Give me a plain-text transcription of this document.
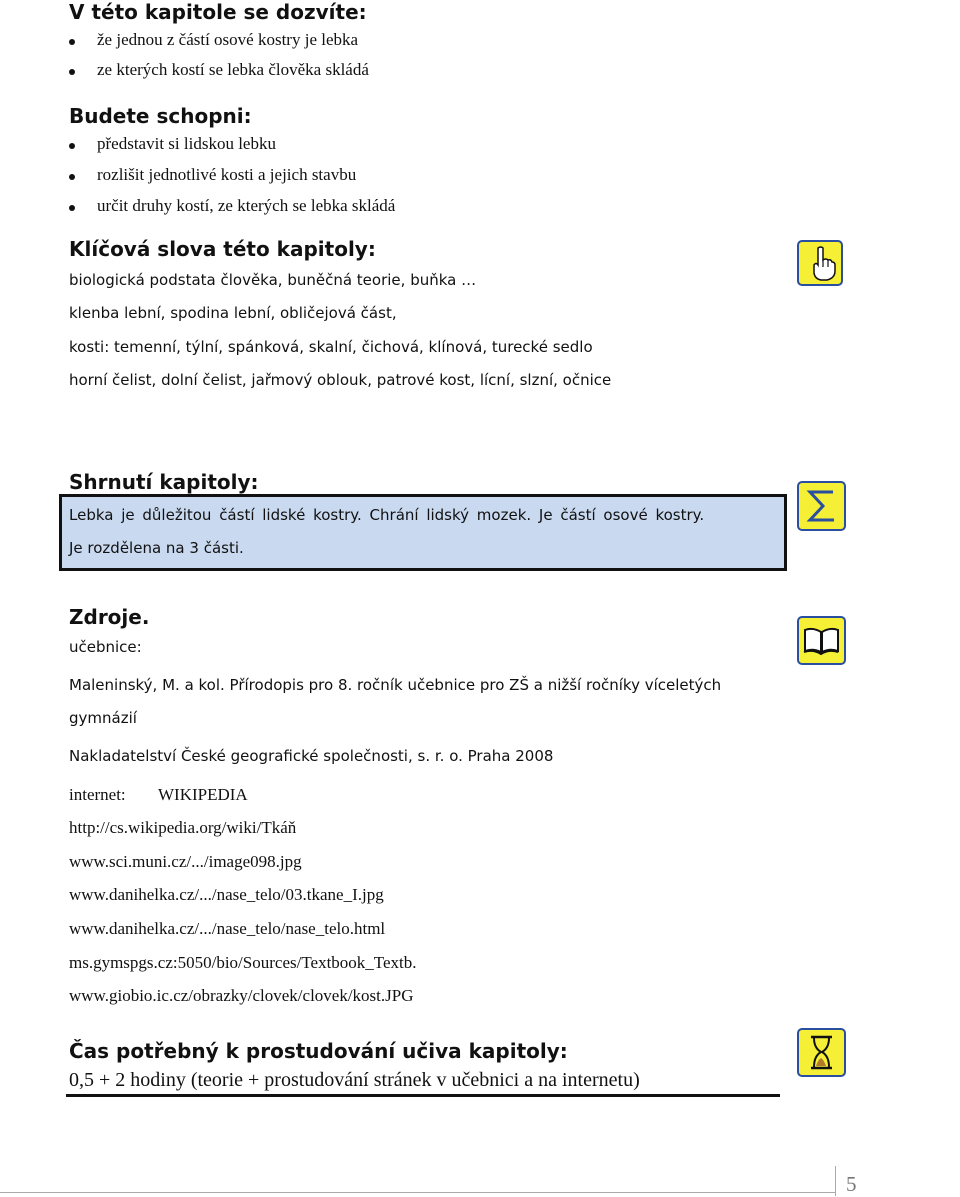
V této kapitole se dozvíte:
že jednou z částí osové kostry je lebka
ze kterých kostí se lebka člověka skládá
Budete schopni:
představit si lidskou lebku
rozlišit jednotlivé kosti a jejich stavbu
určit druhy kostí, ze kterých se lebka skládá
Klíčová slova této kapitoly:
biologická podstata člověka, buněčná teorie, buňka …
klenba lební, spodina lební, obličejová část,
kosti: temenní, týlní, spánková, skalní, čichová, klínová, turecké sedlo
horní čelist, dolní čelist, jařmový oblouk, patrové kost, lícní, slzní, očnice
Shrnutí kapitoly:
Lebka je důležitou částí lidské kostry. Chrání lidský mozek. Je částí osové kostry.
Je rozdělena na 3 části.
Zdroje.
učebnice:
Maleninský, M. a kol. Přírodopis pro 8. ročník učebnice pro ZŠ a nižší ročníky víceletých
gymnázií
Nakladatelství České geografické společnosti, s. r. o. Praha 2008
internet: WIKIPEDIA
http://cs.wikipedia.org/wiki/Tkáň
www.sci.muni.cz/.../image098.jpg
www.danihelka.cz/.../nase_telo/03.tkane_I.jpg
www.danihelka.cz/.../nase_telo/nase_telo.html
ms.gymspgs.cz:5050/bio/Sources/Textbook_Textb.
www.giobio.ic.cz/obrazky/clovek/clovek/kost.JPG
Čas potřebný k prostudování učiva kapitoly:
0,5 + 2 hodiny (teorie + prostudování stránek v učebnici a na internetu)
5
